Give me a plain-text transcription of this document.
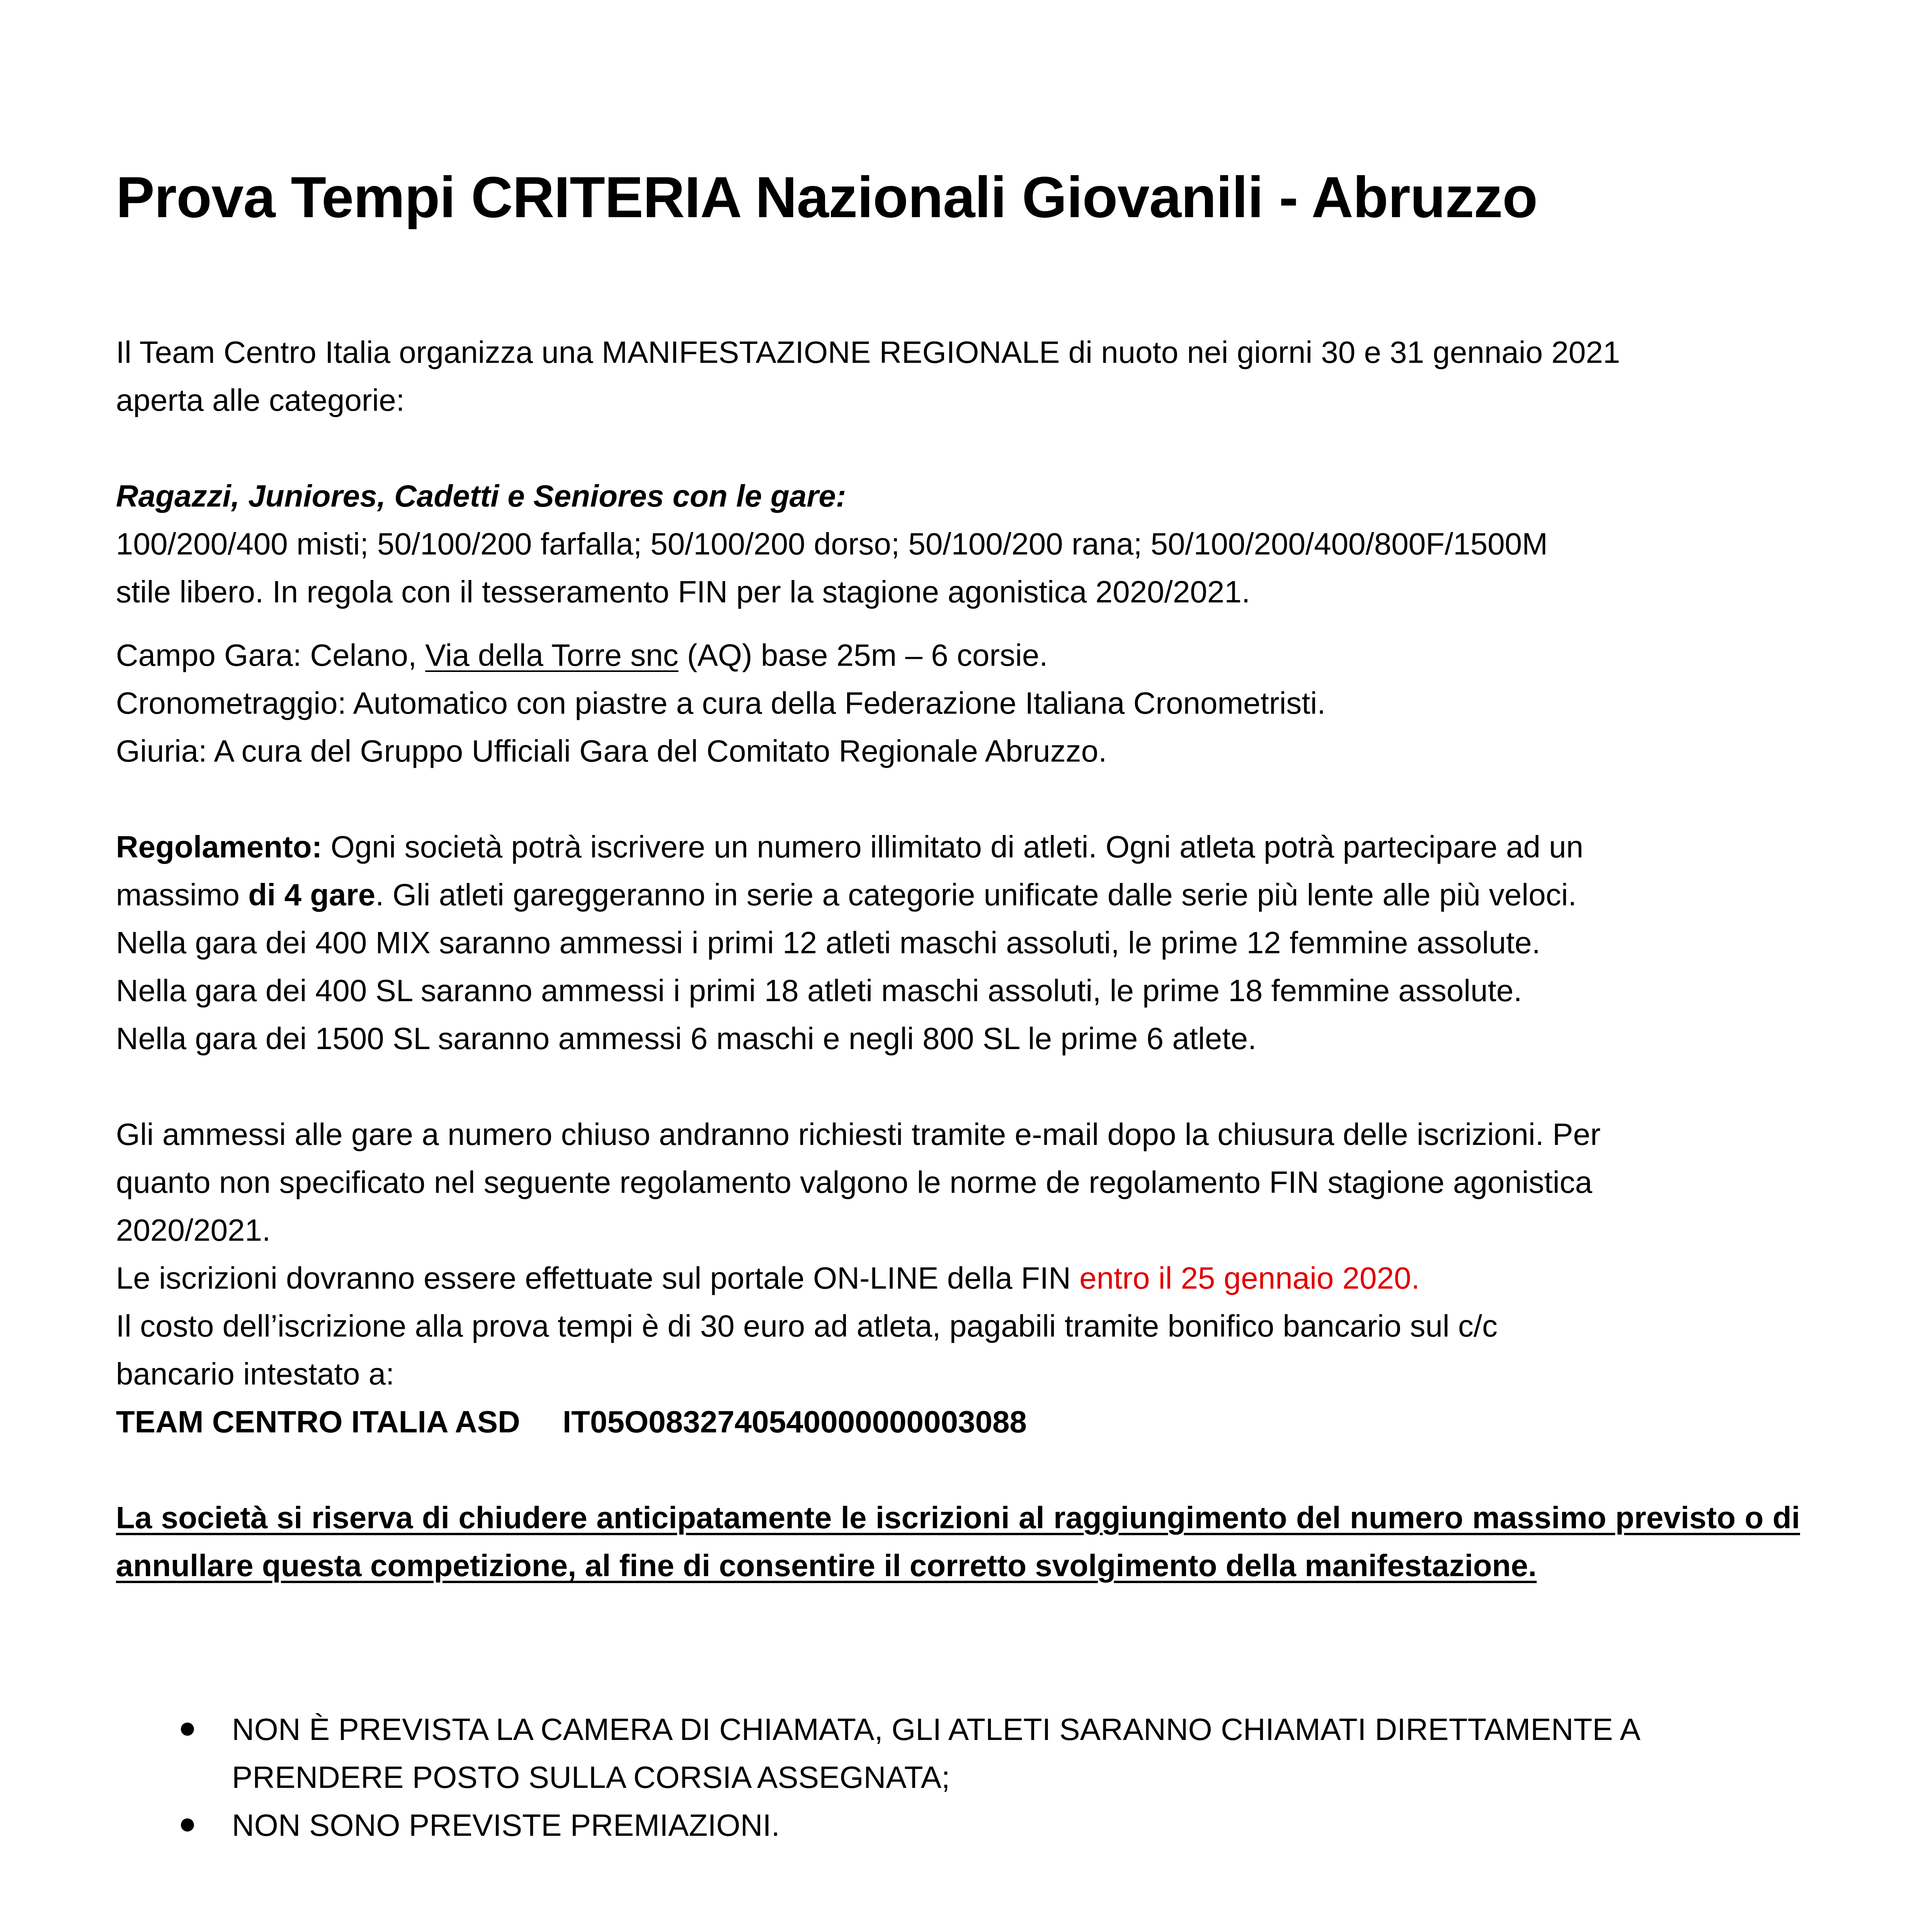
Prova Tempi CRITERIA Nazionali Giovanili - Abruzzo

Il Team Centro Italia organizza una MANIFESTAZIONE REGIONALE di nuoto nei giorni 30 e 31 gennaio 2021

aperta alle categorie:

Ragazzi, Juniores, Cadetti e Seniores con le gare:

100/200/400 misti; 50/100/200 farfalla; 50/100/200 dorso; 50/100/200 rana; 50/100/200/400/800F/1500M

stile libero. In regola con il tesseramento FIN per la stagione agonistica 2020/2021.

Campo Gara: Celano, Via della Torre snc (AQ) base 25m – 6 corsie.

Cronometraggio: Automatico con piastre a cura della Federazione Italiana Cronometristi.

Giuria: A cura del Gruppo Ufficiali Gara del Comitato Regionale Abruzzo.

Regolamento: Ogni società potrà iscrivere un numero illimitato di atleti. Ogni atleta potrà partecipare ad un

massimo di 4 gare. Gli atleti gareggeranno in serie a categorie unificate dalle serie più lente alle più veloci.

Nella gara dei 400 MIX saranno ammessi i primi 12 atleti maschi assoluti, le prime 12 femmine assolute.

Nella gara dei 400 SL saranno ammessi i primi 18 atleti maschi assoluti, le prime 18 femmine assolute.

Nella gara dei 1500 SL saranno ammessi 6 maschi e negli 800 SL le prime 6 atlete.

Gli ammessi alle gare a numero chiuso andranno richiesti tramite e-mail dopo la chiusura delle iscrizioni. Per

quanto non specificato nel seguente regolamento valgono le norme de regolamento FIN stagione agonistica

2020/2021.

Le iscrizioni dovranno essere effettuate sul portale ON-LINE della FIN entro il 25 gennaio 2020.

Il costo dell’iscrizione alla prova tempi è di 30 euro ad atleta, pagabili tramite bonifico bancario sul c/c

bancario intestato a:

TEAM CENTRO ITALIA ASD IT05O0832740540000000003088

La società si riserva di chiudere anticipatamente le iscrizioni al raggiungimento del numero massimo previsto o di annullare questa competizione, al fine di consentire il corretto svolgimento della manifestazione.

NON È PREVISTA LA CAMERA DI CHIAMATA, GLI ATLETI SARANNO CHIAMATI DIRETTAMENTE A
PRENDERE POSTO SULLA CORSIA ASSEGNATA;
NON SONO PREVISTE PREMIAZIONI.
